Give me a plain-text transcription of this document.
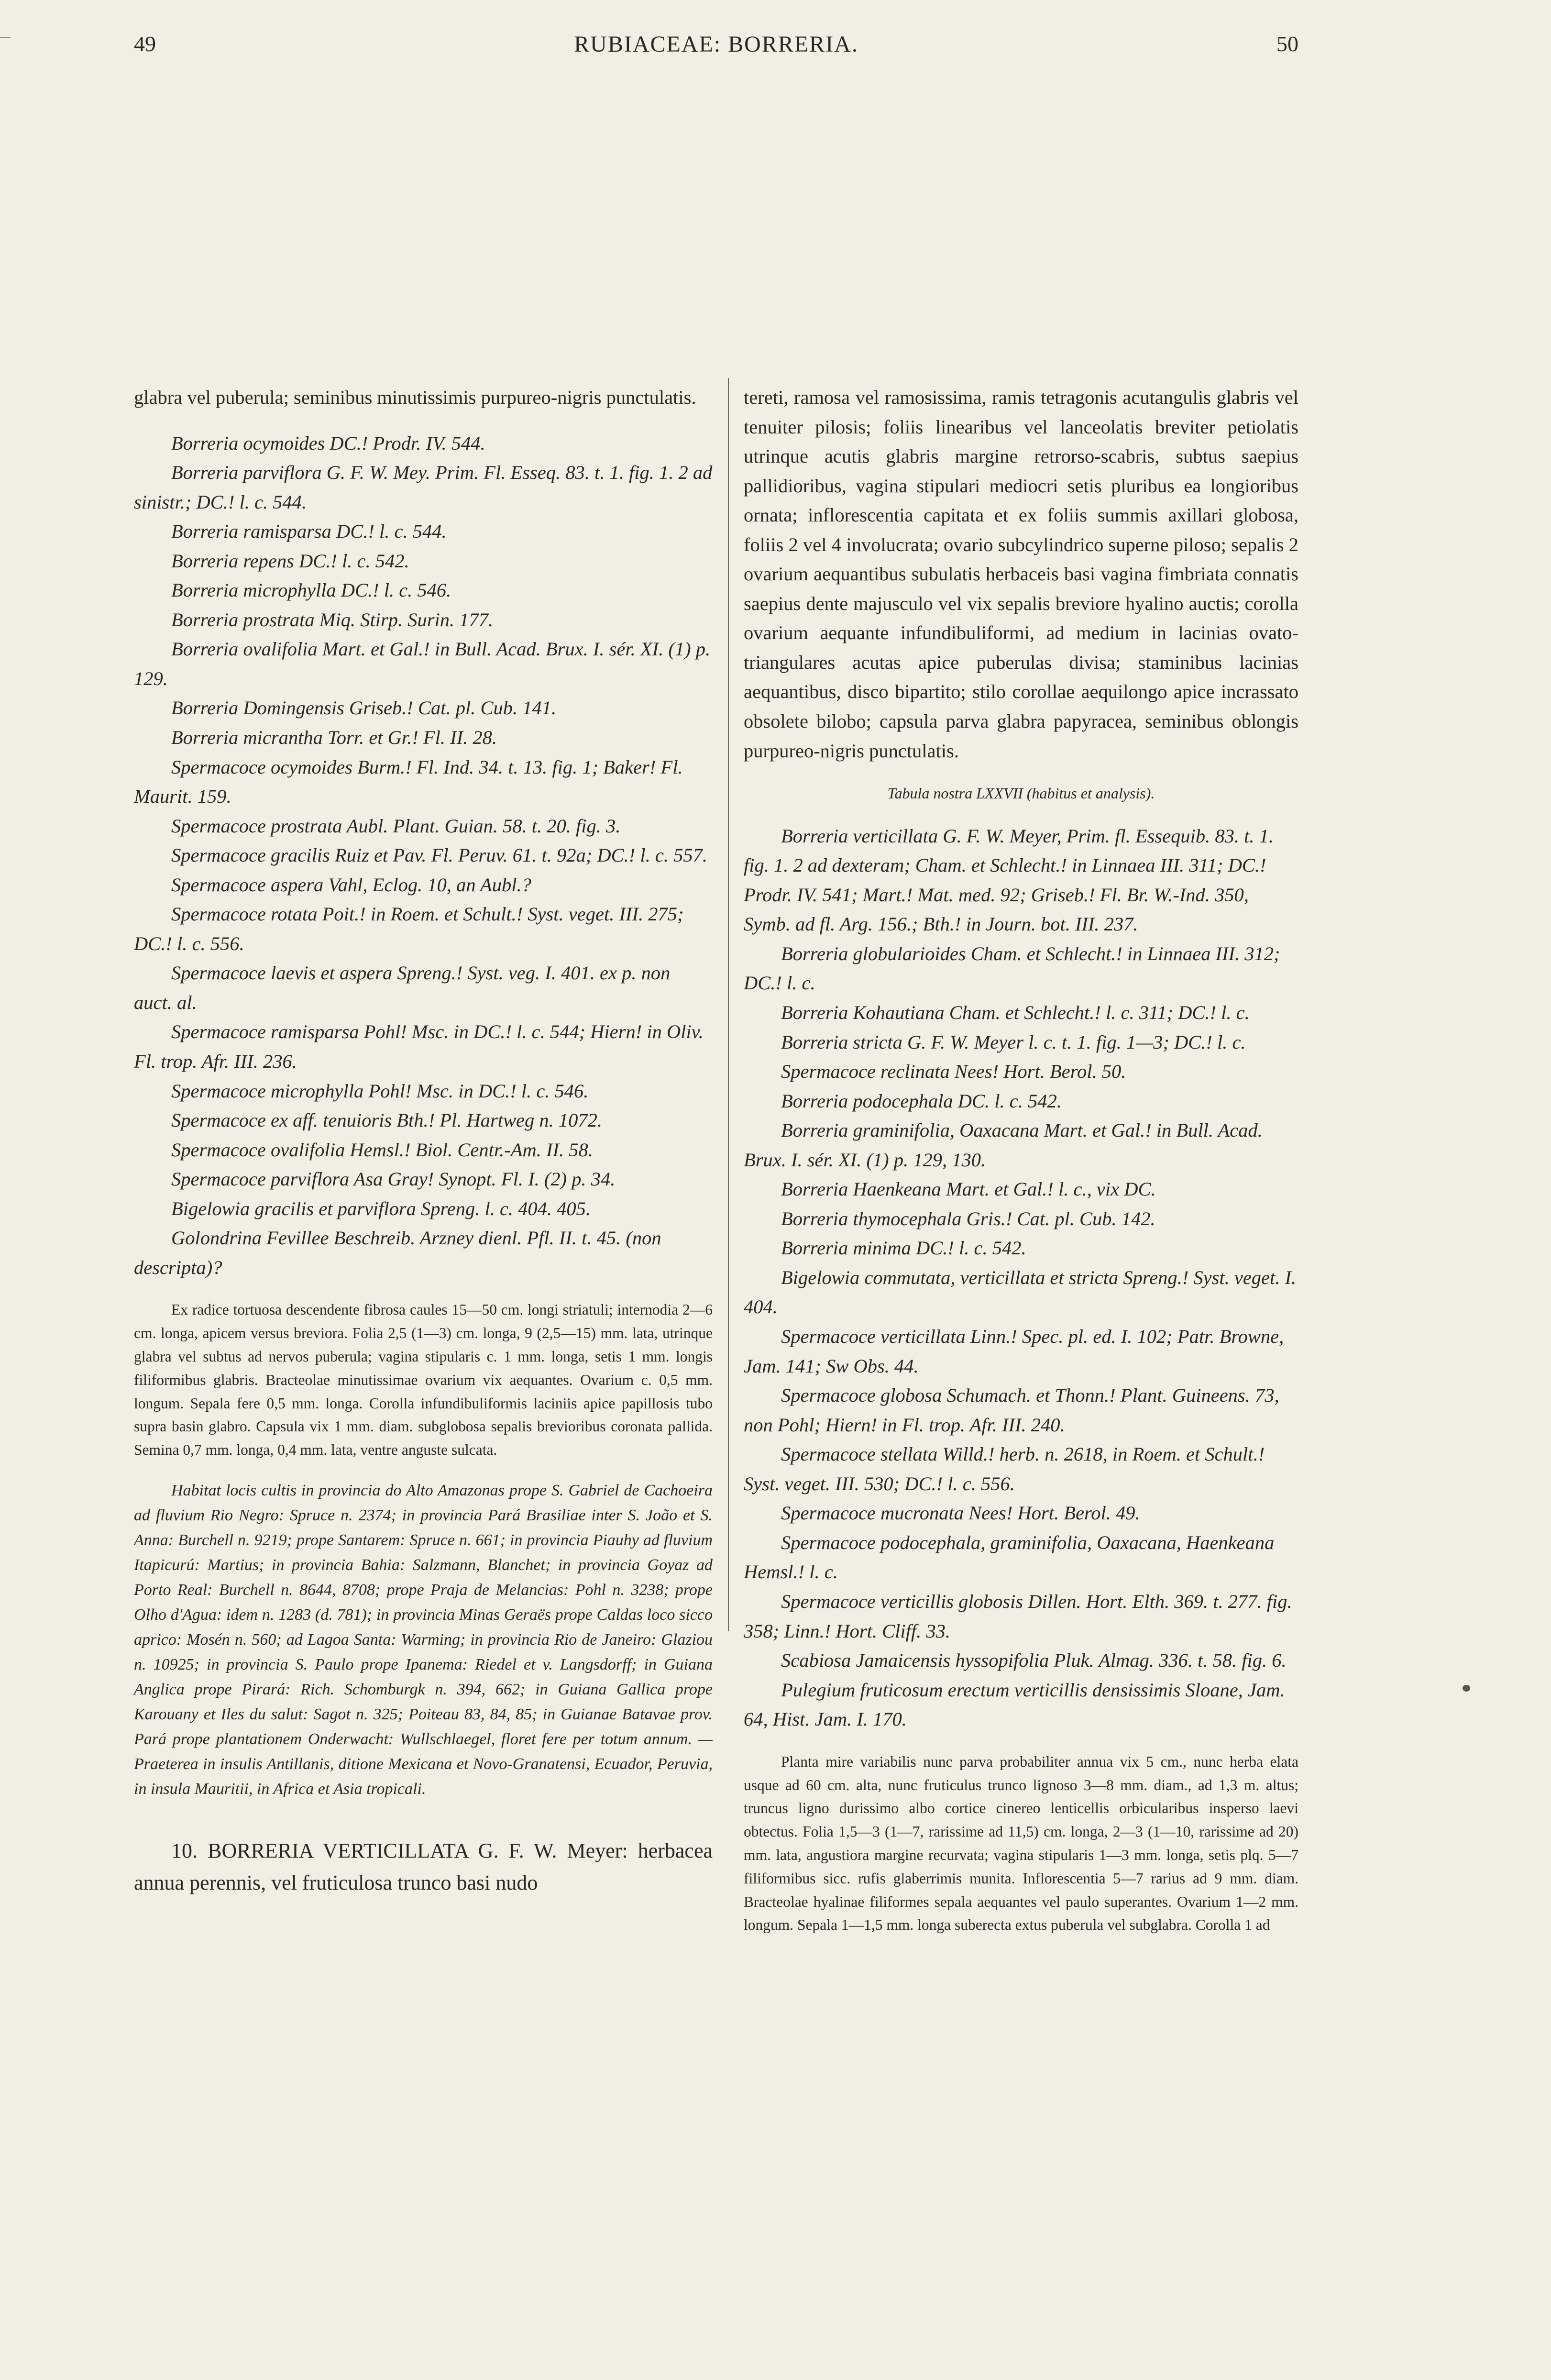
49	RUBIACEAE: BORRERIA.	50

glabra vel puberula; seminibus minutissimis purpureo-nigris punctulatis.

Borreria ocymoides DC.! Prodr. IV. 544.

Borreria parviflora G. F. W. Mey. Prim. Fl. Esseq. 83. t. 1. fig. 1. 2 ad sinistr.; DC.! l. c. 544.

Borreria ramisparsa DC.! l. c. 544.

Borreria repens DC.! l. c. 542.

Borreria microphylla DC.! l. c. 546.

Borreria prostrata Miq. Stirp. Surin. 177.

Borreria ovalifolia Mart. et Gal.! in Bull. Acad. Brux. I. sér. XI. (1) p. 129.

Borreria Domingensis Griseb.! Cat. pl. Cub. 141.

Borreria micrantha Torr. et Gr.! Fl. II. 28.

Spermacoce ocymoides Burm.! Fl. Ind. 34. t. 13. fig. 1; Baker! Fl. Maurit. 159.

Spermacoce prostrata Aubl. Plant. Guian. 58. t. 20. fig. 3.

Spermacoce gracilis Ruiz et Pav. Fl. Peruv. 61. t. 92a; DC.! l. c. 557.

Spermacoce aspera Vahl, Eclog. 10, an Aubl.?

Spermacoce rotata Poit.! in Roem. et Schult.! Syst. veget. III. 275; DC.! l. c. 556.

Spermacoce laevis et aspera Spreng.! Syst. veg. I. 401. ex p. non auct. al.

Spermacoce ramisparsa Pohl! Msc. in DC.! l. c. 544; Hiern! in Oliv. Fl. trop. Afr. III. 236.

Spermacoce microphylla Pohl! Msc. in DC.! l. c. 546.

Spermacoce ex aff. tenuioris Bth.! Pl. Hartweg n. 1072.

Spermacoce ovalifolia Hemsl.! Biol. Centr.-Am. II. 58.

Spermacoce parviflora Asa Gray! Synopt. Fl. I. (2) p. 34.

Bigelowia gracilis et parviflora Spreng. l. c. 404. 405.

Golondrina Fevillee Beschreib. Arzney dienl. Pfl. II. t. 45. (non descripta)?

Ex radice tortuosa descendente fibrosa caules 15—50 cm. longi striatuli; internodia 2—6 cm. longa, apicem versus breviora. Folia 2,5 (1—3) cm. longa, 9 (2,5—15) mm. lata, utrinque glabra vel subtus ad nervos puberula; vagina stipularis c. 1 mm. longa, setis 1 mm. longis filiformibus glabris. Bracteolae minutissimae ovarium vix aequantes. Ovarium c. 0,5 mm. longum. Sepala fere 0,5 mm. longa. Corolla infundibuliformis laciniis apice papillosis tubo supra basin glabro. Capsula vix 1 mm. diam. subglobosa sepalis brevioribus coronata pallida. Semina 0,7 mm. longa, 0,4 mm. lata, ventre anguste sulcata.

Habitat locis cultis in provincia do Alto Amazonas prope S. Gabriel de Cachoeira ad fluvium Rio Negro: Spruce n. 2374; in provincia Pará Brasiliae inter S. João et S. Anna: Burchell n. 9219; prope Santarem: Spruce n. 661; in provincia Piauhy ad fluvium Itapicurú: Martius; in provincia Bahia: Salzmann, Blanchet; in provincia Goyaz ad Porto Real: Burchell n. 8644, 8708; prope Praja de Melancias: Pohl n. 3238; prope Olho d'Agua: idem n. 1283 (d. 781); in provincia Minas Geraës prope Caldas loco sicco aprico: Mosén n. 560; ad Lagoa Santa: Warming; in provincia Rio de Janeiro: Glaziou n. 10925; in provincia S. Paulo prope Ipanema: Riedel et v. Langsdorff; in Guiana Anglica prope Pirará: Rich. Schomburgk n. 394, 662; in Guiana Gallica prope Karouany et Iles du salut: Sagot n. 325; Poiteau 83, 84, 85; in Guianae Batavae prov. Pará prope plantationem Onderwacht: Wullschlaegel, floret fere per totum annum. — Praeterea in insulis Antillanis, ditione Mexicana et Novo-Granatensi, Ecuador, Peruvia, in insula Mauritii, in Africa et Asia tropicali.

10. BORRERIA VERTICILLATA G. F. W. Meyer: herbacea annua perennis, vel fruticulosa trunco basi nudo

tereti, ramosa vel ramosissima, ramis tetragonis acutangulis glabris vel tenuiter pilosis; foliis linearibus vel lanceolatis breviter petiolatis utrinque acutis glabris margine retrorso-scabris, subtus saepius pallidioribus, vagina stipulari mediocri setis pluribus ea longioribus ornata; inflorescentia capitata et ex foliis summis axillari globosa, foliis 2 vel 4 involucrata; ovario subcylindrico superne piloso; sepalis 2 ovarium aequantibus subulatis herbaceis basi vagina fimbriata connatis saepius dente majusculo vel vix sepalis breviore hyalino auctis; corolla ovarium aequante infundibuliformi, ad medium in lacinias ovato-triangulares acutas apice puberulas divisa; staminibus lacinias aequantibus, disco bipartito; stilo corollae aequilongo apice incrassato obsolete bilobo; capsula parva glabra papyracea, seminibus oblongis purpureo-nigris punctulatis.

Tabula nostra LXXVII (habitus et analysis).

Borreria verticillata G. F. W. Meyer, Prim. fl. Essequib. 83. t. 1. fig. 1. 2 ad dexteram; Cham. et Schlecht.! in Linnaea III. 311; DC.! Prodr. IV. 541; Mart.! Mat. med. 92; Griseb.! Fl. Br. W.-Ind. 350, Symb. ad fl. Arg. 156.; Bth.! in Journ. bot. III. 237.

Borreria globularioides Cham. et Schlecht.! in Linnaea III. 312; DC.! l. c.

Borreria Kohautiana Cham. et Schlecht.! l. c. 311; DC.! l. c.

Borreria stricta G. F. W. Meyer l. c. t. 1. fig. 1—3; DC.! l. c.

Spermacoce reclinata Nees! Hort. Berol. 50.

Borreria podocephala DC. l. c. 542.

Borreria graminifolia, Oaxacana Mart. et Gal.! in Bull. Acad. Brux. I. sér. XI. (1) p. 129, 130.

Borreria Haenkeana Mart. et Gal.! l. c., vix DC.

Borreria thymocephala Gris.! Cat. pl. Cub. 142.

Borreria minima DC.! l. c. 542.

Bigelowia commutata, verticillata et stricta Spreng.! Syst. veget. I. 404.

Spermacoce verticillata Linn.! Spec. pl. ed. I. 102; Patr. Browne, Jam. 141; Sw Obs. 44.

Spermacoce globosa Schumach. et Thonn.! Plant. Guineens. 73, non Pohl; Hiern! in Fl. trop. Afr. III. 240.

Spermacoce stellata Willd.! herb. n. 2618, in Roem. et Schult.! Syst. veget. III. 530; DC.! l. c. 556.

Spermacoce mucronata Nees! Hort. Berol. 49.

Spermacoce podocephala, graminifolia, Oaxacana, Haenkeana Hemsl.! l. c.

Spermacoce verticillis globosis Dillen. Hort. Elth. 369. t. 277. fig. 358; Linn.! Hort. Cliff. 33.

Scabiosa Jamaicensis hyssopifolia Pluk. Almag. 336. t. 58. fig. 6.

Pulegium fruticosum erectum verticillis densissimis Sloane, Jam. 64, Hist. Jam. I. 170.

Planta mire variabilis nunc parva probabiliter annua vix 5 cm., nunc herba elata usque ad 60 cm. alta, nunc fruticulus trunco lignoso 3—8 mm. diam., ad 1,3 m. altus; truncus ligno durissimo albo cortice cinereo lenticellis orbicularibus insperso laevi obtectus. Folia 1,5—3 (1—7, rarissime ad 11,5) cm. longa, 2—3 (1—10, rarissime ad 20) mm. lata, angustiora margine recurvata; vagina stipularis 1—3 mm. longa, setis plq. 5—7 filiformibus sicc. rufis glaberrimis munita. Inflorescentia 5—7 rarius ad 9 mm. diam. Bracteolae hyalinae filiformes sepala aequantes vel paulo superantes. Ovarium 1—2 mm. longum. Sepala 1—1,5 mm. longa suberecta extus puberula vel subglabra. Corolla 1 ad
